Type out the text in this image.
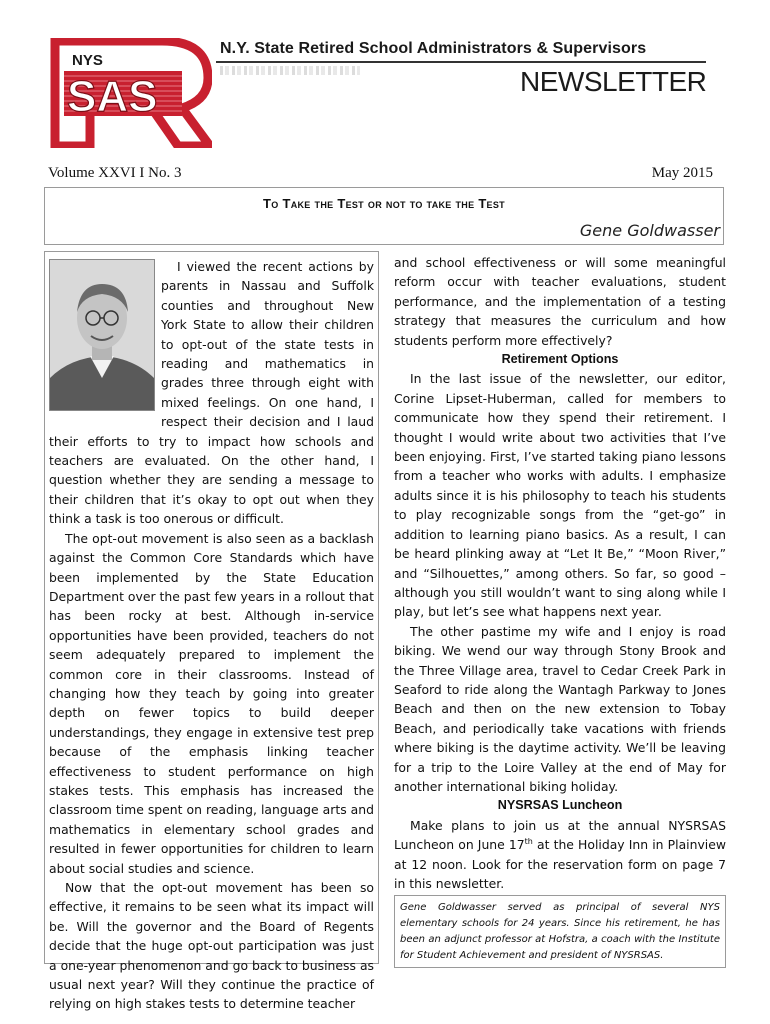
NYS
SAS
N.Y. State Retired School Administrators & Supervisors
NEWSLETTER
Volume XXVI I No. 3	May 2015
To Take the Test or not to take the Test
Gene Goldwasser

I viewed the recent actions by parents in Nassau and Suffolk counties and throughout New York State to allow their children to opt-out of the state tests in reading and mathematics in grades three through eight with mixed feelings. On one hand, I respect their decision and I laud their efforts to try to impact how schools and teachers are evaluated. On the other hand, I question whether they are sending a message to their children that it’s okay to opt out when they think a task is too onerous or difficult.

The opt-out movement is also seen as a backlash against the Common Core Standards which have been implemented by the State Education Department over the past few years in a rollout that has been rocky at best. Although in-service opportunities have been provided, teachers do not seem adequately prepared to implement the common core in their classrooms. Instead of changing how they teach by going into greater depth on fewer topics to build deeper understandings, they engage in extensive test prep because of the emphasis linking teacher effectiveness to student performance on high stakes tests. This emphasis has increased the classroom time spent on reading, language arts and mathematics in elementary school grades and resulted in fewer opportunities for children to learn about social studies and science.

Now that the opt-out movement has been so effective, it remains to be seen what its impact will be. Will the governor and the Board of Regents decide that the huge opt-out participation was just a one-year phenomenon and go back to business as usual next year? Will they continue the practice of relying on high stakes tests to determine teacher

and school effectiveness or will some meaningful reform occur with teacher evaluations, student performance, and the implementation of a testing strategy that measures the curriculum and how students perform more effectively?

Retirement Options

In the last issue of the newsletter, our editor, Corine Lipset-Huberman, called for members to communicate how they spend their retirement. I thought I would write about two activities that I’ve been enjoying. First, I’ve started taking piano lessons from a teacher who works with adults. I emphasize adults since it is his philosophy to teach his students to play recognizable songs from the “get-go” in addition to learning piano basics. As a result, I can be heard plinking away at “Let It Be,” “Moon River,” and “Silhouettes,” among others. So far, so good – although you still wouldn’t want to sing along while I play, but let’s see what happens next year.

The other pastime my wife and I enjoy is road biking. We wend our way through Stony Brook and the Three Village area, travel to Cedar Creek Park in Seaford to ride along the Wantagh Parkway to Jones Beach and then on the new extension to Tobay Beach, and periodically take vacations with friends where biking is the daytime activity. We’ll be leaving for a trip to the Loire Valley at the end of May for another international biking holiday.

NYSRSAS Luncheon

Make plans to join us at the annual NYSRSAS Luncheon on June 17th at the Holiday Inn in Plainview at 12 noon. Look for the reservation form on page 7 in this newsletter.

Gene Goldwasser served as principal of several NYS elementary schools for 24 years. Since his retirement, he has been an adjunct professor at Hofstra, a coach with the Institute for Student Achievement and president of NYSRSAS.
